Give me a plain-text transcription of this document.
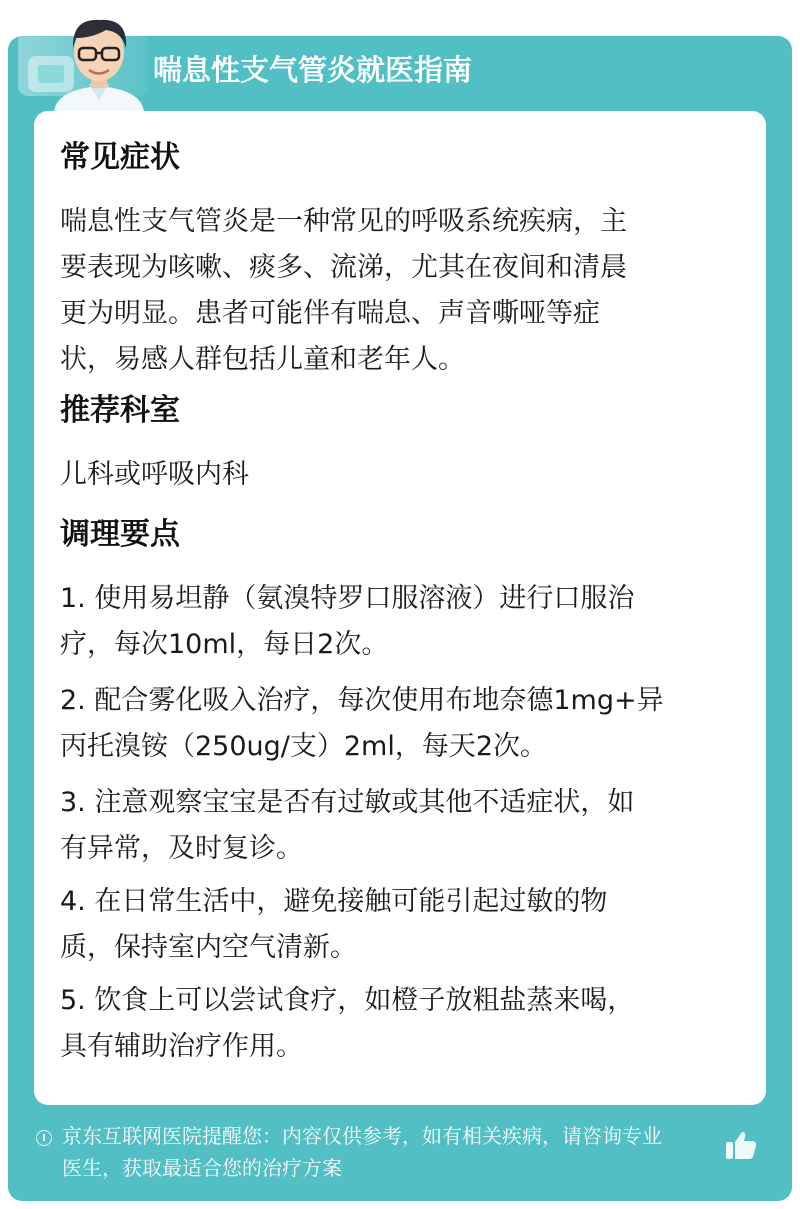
喘息性支气管炎就医指南
常见症状

喘息性支气管炎是一种常见的呼吸系统疾病，主

要表现为咳嗽、痰多、流涕，尤其在夜间和清晨

更为明显。患者可能伴有喘息、声音嘶哑等症

状，易感人群包括儿童和老年人。

推荐科室

儿科或呼吸内科

调理要点

1. 使用易坦静（氨溴特罗口服溶液）进行口服治

疗，每次10ml，每日2次。

2. 配合雾化吸入治疗，每次使用布地奈德1mg+异

丙托溴铵（250ug/支）2ml，每天2次。

3. 注意观察宝宝是否有过敏或其他不适症状，如

有异常，及时复诊。

4. 在日常生活中，避免接触可能引起过敏的物

质，保持室内空气清新。

5. 饮食上可以尝试食疗，如橙子放粗盐蒸来喝，

具有辅助治疗作用。

京东互联网医院提醒您：内容仅供参考，如有相关疾病，请咨询专业
医生，获取最适合您的治疗方案
